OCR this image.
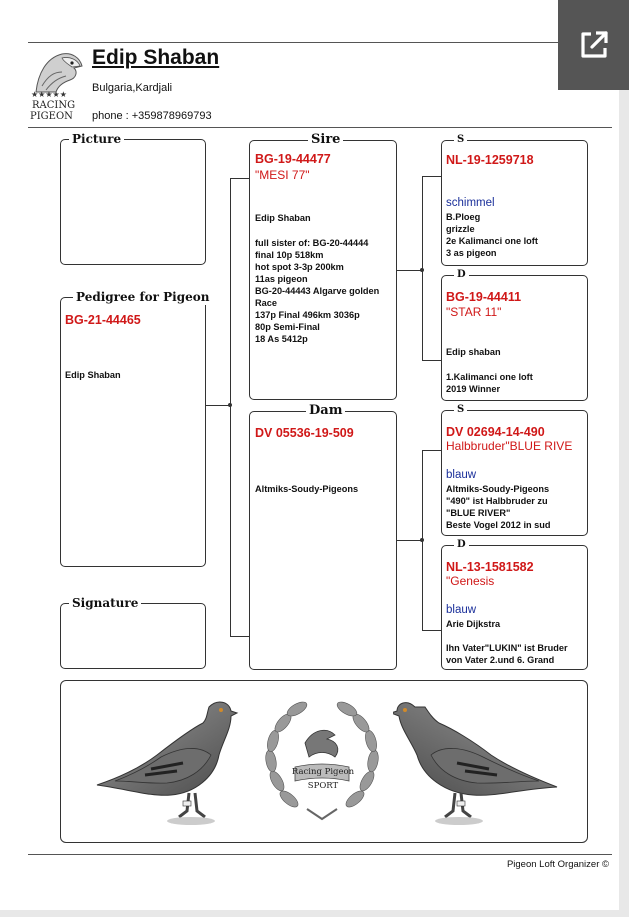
★★★★★
RACING
PIGEON
Edip Shaban
Bulgaria,Kardjali
phone : +359878969793
Picture
Pedigree for Pigeon
BG-21-44465
Edip Shaban
Signature
Sire
BG-19-44477
"MESI 77"
Edip Shaban
full sister of: BG-20-44444
final 10p 518km
hot spot 3-3p 200km
11as pigeon
BG-20-44443 Algarve golden Race
137p Final 496km 3036p
80p Semi-Final
18 As 5412p
Dam
DV 05536-19-509
Altmiks-Soudy-Pigeons
S
NL-19-1259718
schimmel
B.Ploeg
grizzle
2e Kalimanci one loft
3 as pigeon
D
BG-19-44411
"STAR 11"
Edip shaban
1.Kalimanci one loft
2019 Winner
S
DV 02694-14-490
Halbbruder"BLUE RIVE
blauw
Altmiks-Soudy-Pigeons
"490" ist Halbbruder zu
"BLUE RIVER"
Beste Vogel 2012 in sud
D
NL-13-1581582
"Genesis
blauw
Arie Dijkstra
Ihn Vater"LUKIN" ist Bruder
von Vater 2.und 6. Grand
Racing Pigeon
SPORT
Pigeon Loft Organizer ©
